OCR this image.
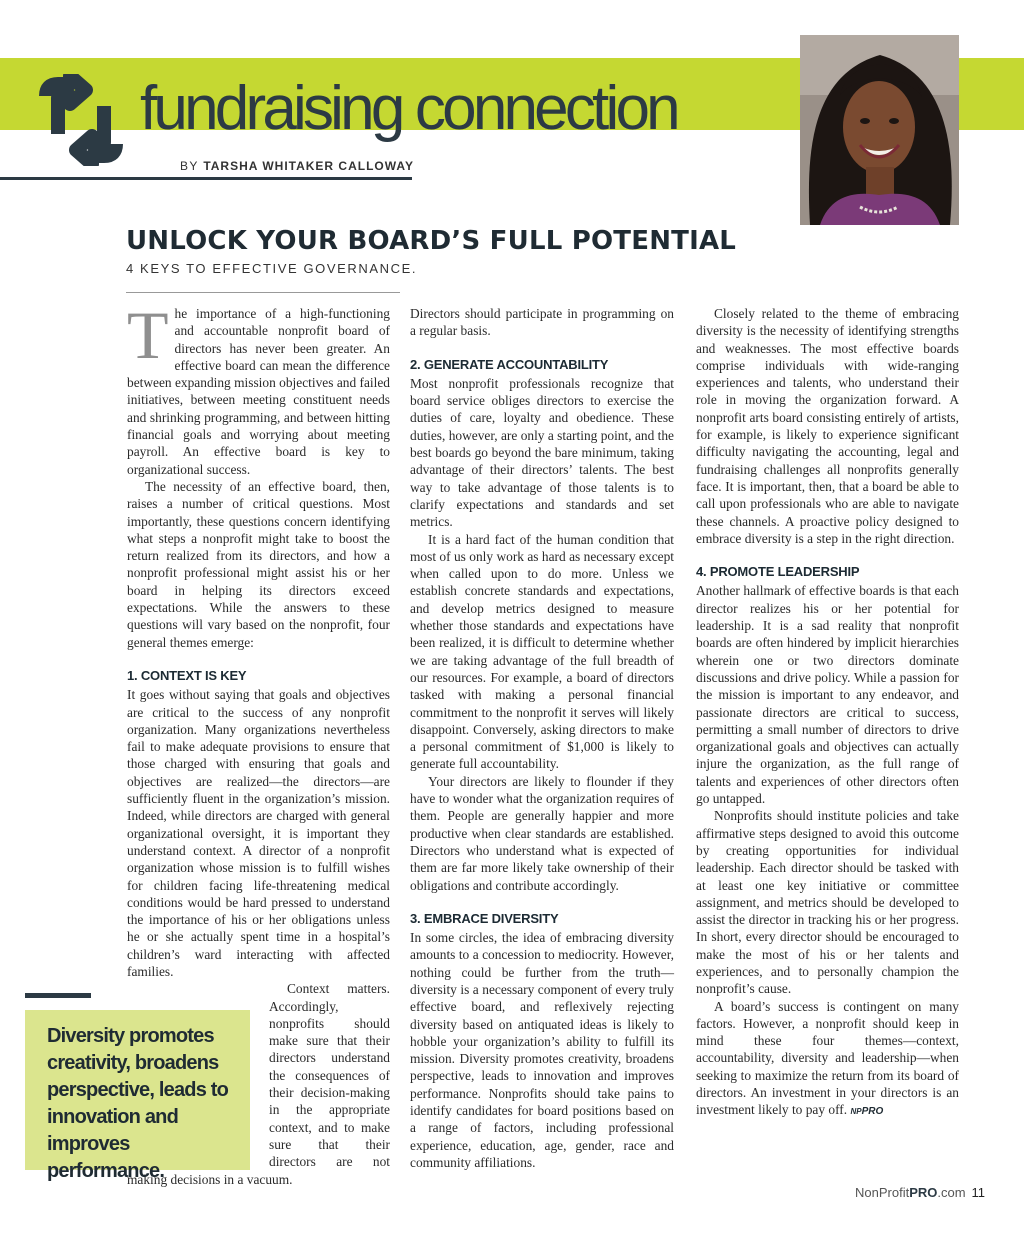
fundraising connection
BY TARSHA WHITAKER CALLOWAY
UNLOCK YOUR BOARD’S FULL POTENTIAL
4 KEYS TO EFFECTIVE GOVERNANCE.

The importance of a high-functioning and accountable nonprofit board of directors has never been greater. An effective board can mean the difference between expanding mission objectives and failed initiatives, between meeting constituent needs and shrinking programming, and between hitting financial goals and worrying about meeting payroll. An effective board is key to organizational success.

The necessity of an effective board, then, raises a number of critical questions. Most importantly, these questions concern identifying what steps a nonprofit might take to boost the return realized from its directors, and how a nonprofit professional might assist his or her board in helping its directors exceed expectations. While the answers to these questions will vary based on the nonprofit, four general themes emerge:

1. CONTEXT IS KEY

It goes without saying that goals and objectives are critical to the success of any nonprofit organization. Many organizations nevertheless fail to make adequate provisions to ensure that those charged with ensuring that goals and objectives are realized—the directors—are sufficiently fluent in the organization’s mission. Indeed, while directors are charged with general organizational oversight, it is important they understand context. A director of a nonprofit organization whose mission is to fulfill wishes for children facing life-threatening medical conditions would be hard pressed to understand the importance of his or her obligations unless he or she actually spent time in a hospital’s children’s ward interacting with affected families.

Context matters. Accordingly, nonprofits should make sure that their directors understand the consequences of their decision-making in the appropriate context, and to make sure that their directors are not making decisions in a vacuum.

Directors should participate in programming on a regular basis.

2. GENERATE ACCOUNTABILITY

Most nonprofit professionals recognize that board service obliges directors to exercise the duties of care, loyalty and obedience. These duties, however, are only a starting point, and the best boards go beyond the bare minimum, taking advantage of their directors’ talents. The best way to take advantage of those talents is to clarify expectations and standards and set metrics.

It is a hard fact of the human condition that most of us only work as hard as necessary except when called upon to do more. Unless we establish concrete standards and expectations, and develop metrics designed to measure whether those standards and expectations have been realized, it is difficult to determine whether we are taking advantage of the full breadth of our resources. For example, a board of directors tasked with making a personal financial commitment to the nonprofit it serves will likely disappoint. Conversely, asking directors to make a personal commitment of $1,000 is likely to generate full accountability.

Your directors are likely to flounder if they have to wonder what the organization requires of them. People are generally happier and more productive when clear standards are established. Directors who understand what is expected of them are far more likely take ownership of their obligations and contribute accordingly.

3. EMBRACE DIVERSITY

In some circles, the idea of embracing diversity amounts to a concession to mediocrity. However, nothing could be further from the truth—diversity is a necessary component of every truly effective board, and reflexively rejecting diversity based on antiquated ideas is likely to hobble your organization’s ability to fulfill its mission. Diversity promotes creativity, broadens perspective, leads to innovation and improves performance. Nonprofits should take pains to identify candidates for board positions based on a range of factors, including professional experience, education, age, gender, race and community affiliations.

Closely related to the theme of embracing diversity is the necessity of identifying strengths and weaknesses. The most effective boards comprise individuals with wide-ranging experiences and talents, who understand their role in moving the organization forward. A nonprofit arts board consisting entirely of artists, for example, is likely to experience significant difficulty navigating the accounting, legal and fundraising challenges all nonprofits generally face. It is important, then, that a board be able to call upon professionals who are able to navigate these channels. A proactive policy designed to embrace diversity is a step in the right direction.

4. PROMOTE LEADERSHIP

Another hallmark of effective boards is that each director realizes his or her potential for leadership. It is a sad reality that nonprofit boards are often hindered by implicit hierarchies wherein one or two directors dominate discussions and drive policy. While a passion for the mission is important to any endeavor, and passionate directors are critical to success, permitting a small number of directors to drive organizational goals and objectives can actually injure the organization, as the full range of talents and experiences of other directors often go untapped.

Nonprofits should institute policies and take affirmative steps designed to avoid this outcome by creating opportunities for individual leadership. Each director should be tasked with at least one key initiative or committee assignment, and metrics should be developed to assist the director in tracking his or her progress. In short, every director should be encouraged to make the most of his or her talents and experiences, and to personally champion the nonprofit’s cause.

A board’s success is contingent on many factors. However, a nonprofit should keep in mind these four themes—context, accountability, diversity and leadership—when seeking to maximize the return from its board of directors. An investment in your directors is an investment likely to pay off. NPPRO

Diversity promotes creativity, broadens perspective, leads to innovation and improves performance.
NonProfitPRO.com 11
